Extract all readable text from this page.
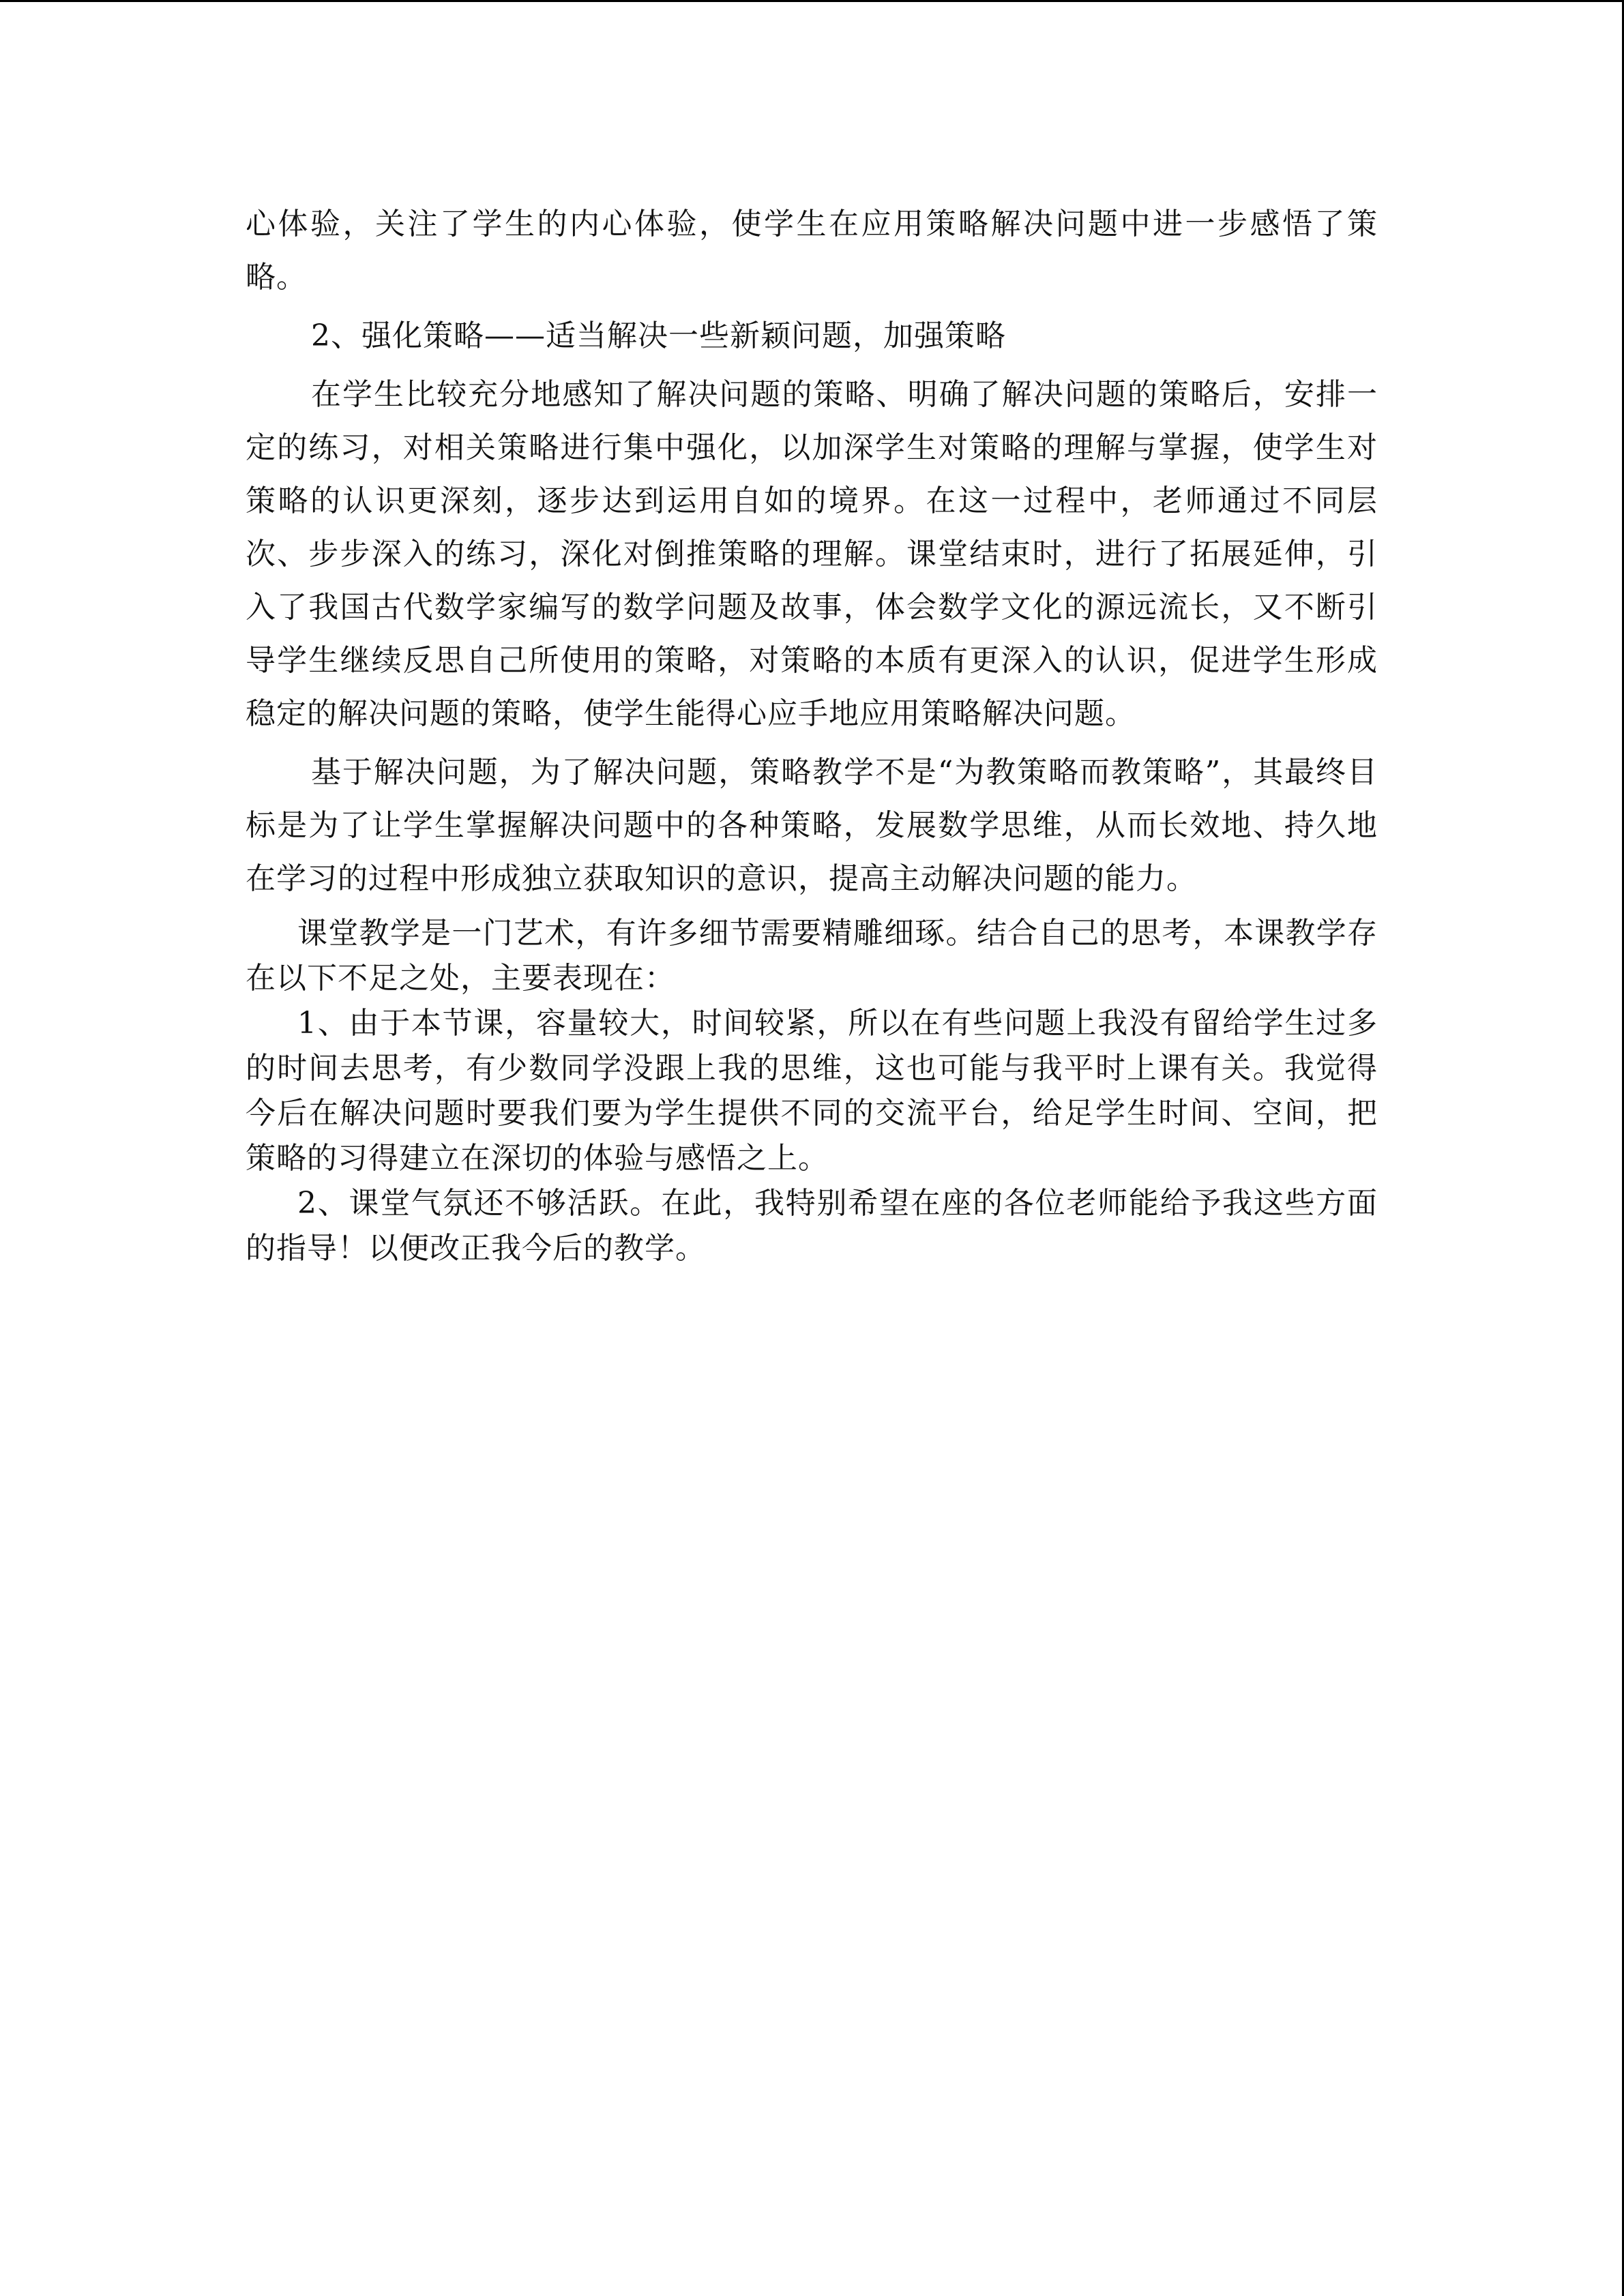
心体验，关注了学生的内心体验，使学生在应用策略解决问题中进一步感悟了策略。

2、强化策略——适当解决一些新颖问题，加强策略

在学生比较充分地感知了解决问题的策略、明确了解决问题的策略后，安排一定的练习，对相关策略进行集中强化，以加深学生对策略的理解与掌握，使学生对策略的认识更深刻，逐步达到运用自如的境界。在这一过程中，老师通过不同层次、步步深入的练习，深化对倒推策略的理解。课堂结束时，进行了拓展延伸，引入了我国古代数学家编写的数学问题及故事，体会数学文化的源远流长，又不断引导学生继续反思自己所使用的策略，对策略的本质有更深入的认识，促进学生形成稳定的解决问题的策略，使学生能得心应手地应用策略解决问题。

基于解决问题，为了解决问题，策略教学不是“为教策略而教策略”，其最终目标是为了让学生掌握解决问题中的各种策略，发展数学思维，从而长效地、持久地在学习的过程中形成独立获取知识的意识，提高主动解决问题的能力。

课堂教学是一门艺术，有许多细节需要精雕细琢。结合自己的思考，本课教学存在以下不足之处，主要表现在：

1、由于本节课，容量较大，时间较紧，所以在有些问题上我没有留给学生过多的时间去思考，有少数同学没跟上我的思维，这也可能与我平时上课有关。我觉得今后在解决问题时要我们要为学生提供不同的交流平台，给足学生时间、空间，把策略的习得建立在深切的体验与感悟之上。

2、课堂气氛还不够活跃。在此，我特别希望在座的各位老师能给予我这些方面的指导！以便改正我今后的教学。
